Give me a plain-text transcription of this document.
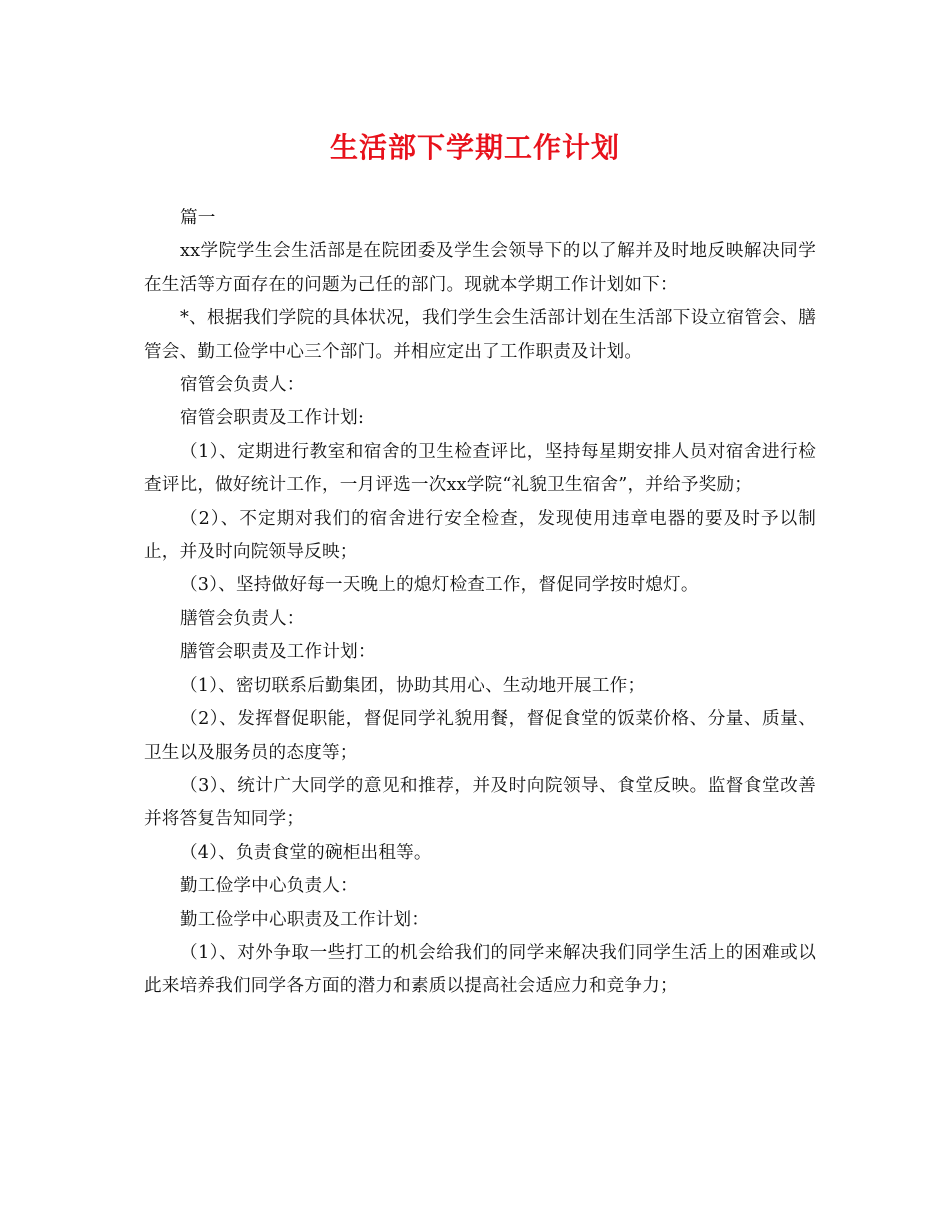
生活部下学期工作计划

篇一

xx学院学生会生活部是在院团委及学生会领导下的以了解并及时地反映解决同学在生活等方面存在的问题为己任的部门。现就本学期工作计划如下：

*、根据我们学院的具体状况，我们学生会生活部计划在生活部下设立宿管会、膳管会、勤工俭学中心三个部门。并相应定出了工作职责及计划。

宿管会负责人：

宿管会职责及工作计划:

（1）、定期进行教室和宿舍的卫生检查评比，坚持每星期安排人员对宿舍进行检查评比，做好统计工作，一月评选一次xx学院“礼貌卫生宿舍”，并给予奖励；

（2）、不定期对我们的宿舍进行安全检查，发现使用违章电器的要及时予以制止，并及时向院领导反映；

（3）、坚持做好每一天晚上的熄灯检查工作，督促同学按时熄灯。

膳管会负责人：

膳管会职责及工作计划：

（1）、密切联系后勤集团，协助其用心、生动地开展工作；

（2）、发挥督促职能，督促同学礼貌用餐，督促食堂的饭菜价格、分量、质量、卫生以及服务员的态度等；

（3）、统计广大同学的意见和推荐，并及时向院领导、食堂反映。监督食堂改善并将答复告知同学；

（4）、负责食堂的碗柜出租等。

勤工俭学中心负责人：

勤工俭学中心职责及工作计划：

（1）、对外争取一些打工的机会给我们的同学来解决我们同学生活上的困难或以此来培养我们同学各方面的潜力和素质以提高社会适应力和竞争力；
